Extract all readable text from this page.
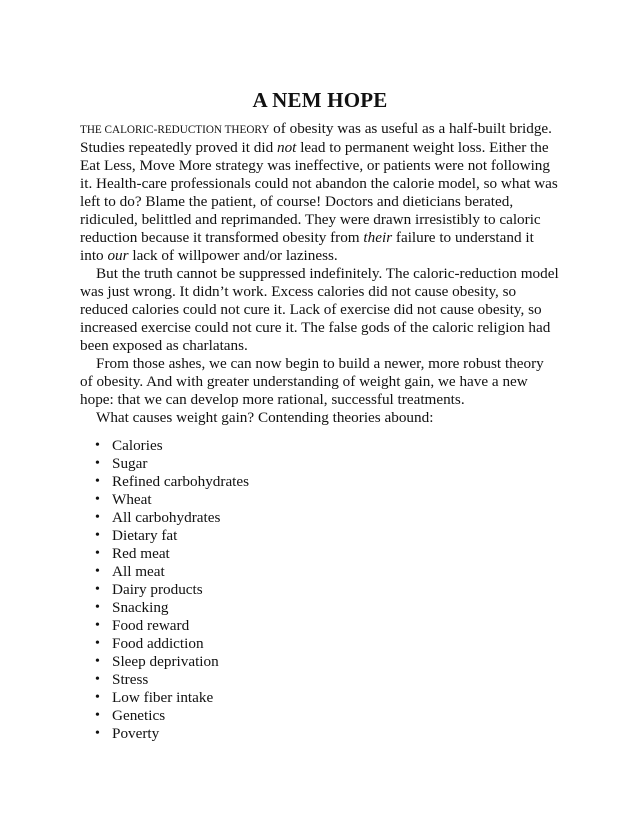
A NEM HOPE

THE CALORIC-REDUCTION THEORY of obesity was as useful as a half-built bridge. Studies repeatedly proved it did not lead to permanent weight loss. Either the Eat Less, Move More strategy was ineffective, or patients were not following it. Health-care professionals could not abandon the calorie model, so what was left to do? Blame the patient, of course! Doctors and dieticians berated, ridiculed, belittled and reprimanded. They were drawn irresistibly to caloric reduction because it transformed obesity from their failure to understand it into our lack of willpower and/or laziness.

But the truth cannot be suppressed indefinitely. The caloric-reduction model was just wrong. It didn’t work. Excess calories did not cause obesity, so reduced calories could not cure it. Lack of exercise did not cause obesity, so increased exercise could not cure it. The false gods of the caloric religion had been exposed as charlatans.

From those ashes, we can now begin to build a newer, more robust theory of obesity. And with greater understanding of weight gain, we have a new hope: that we can develop more rational, successful treatments.

What causes weight gain? Contending theories abound:

• Calories
• Sugar
• Refined carbohydrates
• Wheat
• All carbohydrates
• Dietary fat
• Red meat
• All meat
• Dairy products
• Snacking
• Food reward
• Food addiction
• Sleep deprivation
• Stress
• Low fiber intake
• Genetics
• Poverty
